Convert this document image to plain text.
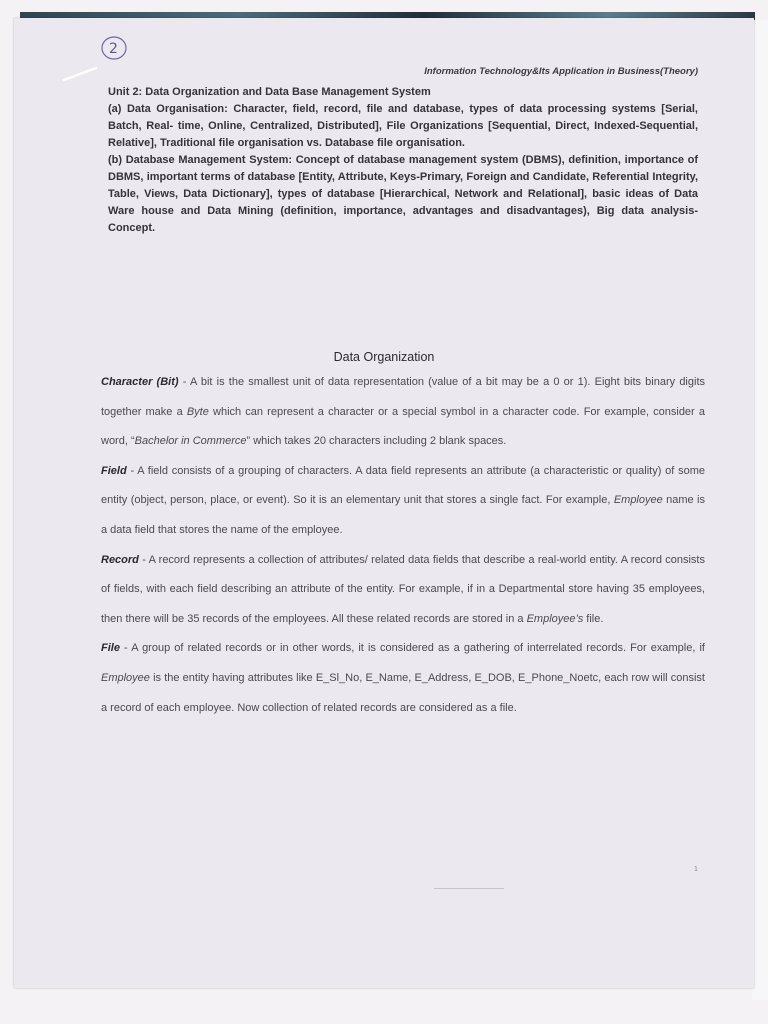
2
Information Technology&Its Application in Business(Theory)

Unit 2: Data Organization and Data Base Management System

(a) Data Organisation: Character, field, record, file and database, types of data processing systems [Serial, Batch, Real- time, Online, Centralized, Distributed], File Organizations [Sequential, Direct, Indexed-Sequential, Relative], Traditional file organisation vs. Database file organisation.

(b) Database Management System: Concept of database management system (DBMS), definition, importance of DBMS, important terms of database [Entity, Attribute, Keys-Primary, Foreign and Candidate, Referential Integrity, Table, Views, Data Dictionary], types of database [Hierarchical, Network and Relational], basic ideas of Data Ware house and Data Mining (definition, importance, advantages and disadvantages), Big data analysis-Concept.

Data Organization

Character (Bit) - A bit is the smallest unit of data representation (value of a bit may be a 0 or 1). Eight bits binary digits together make a Byte which can represent a character or a special symbol in a character code. For example, consider a word, “Bachelor in Commerce” which takes 20 characters including 2 blank spaces.

Field - A field consists of a grouping of characters. A data field represents an attribute (a characteristic or quality) of some entity (object, person, place, or event). So it is an elementary unit that stores a single fact. For example, Employee name is a data field that stores the name of the employee.

Record - A record represents a collection of attributes/ related data fields that describe a real-world entity. A record consists of fields, with each field describing an attribute of the entity. For example, if in a Departmental store having 35 employees, then there will be 35 records of the employees. All these related records are stored in a Employee’s file.

File - A group of related records or in other words, it is considered as a gathering of interrelated records. For example, if Employee is the entity having attributes like E_Sl_No, E_Name, E_Address, E_DOB, E_Phone_Noetc, each row will consist a record of each employee. Now collection of related records are considered as a file.

1
